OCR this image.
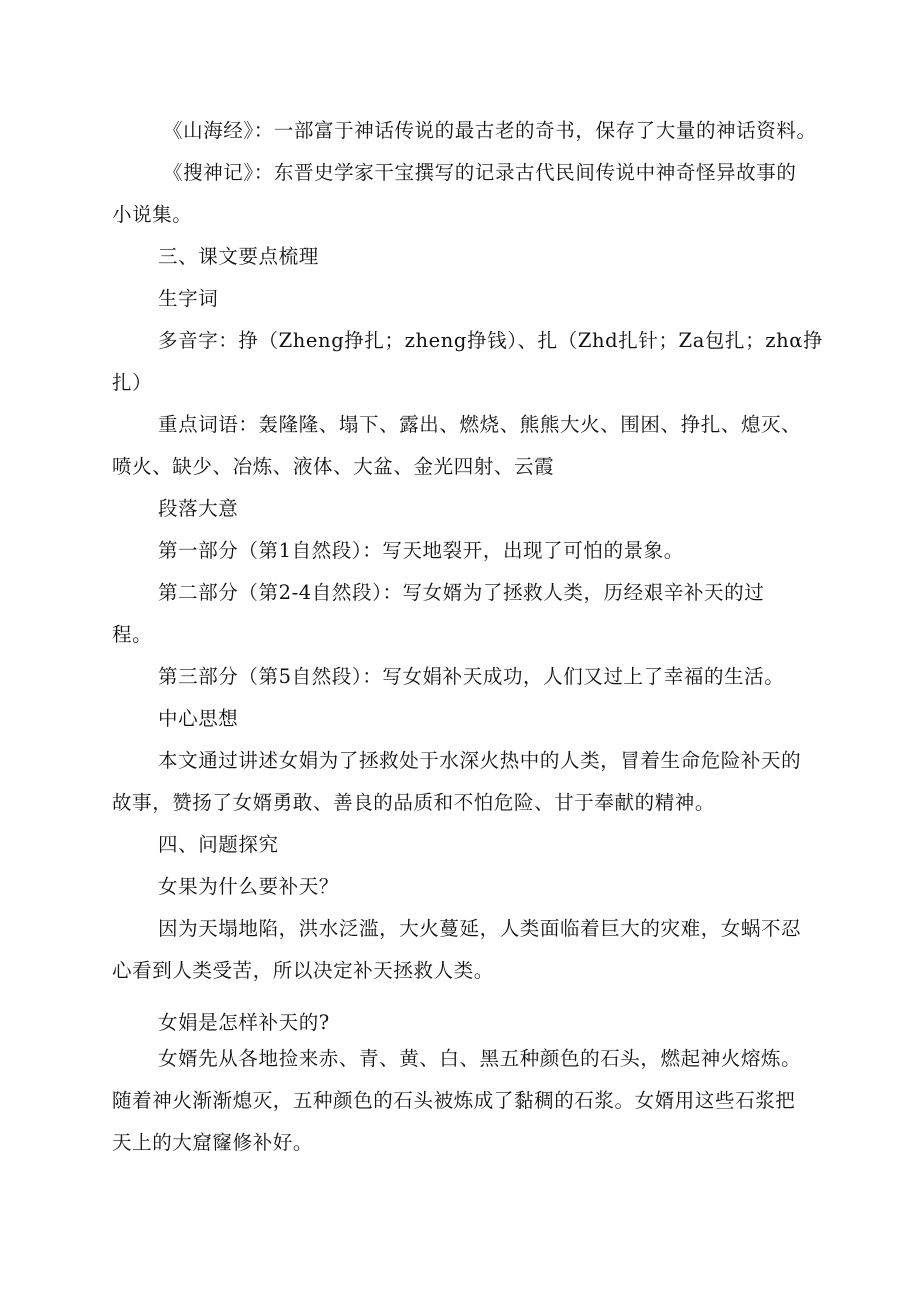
《山海经》：一部富于神话传说的最古老的奇书，保存了大量的神话资料。
《搜神记》：东晋史学家干宝撰写的记录古代民间传说中神奇怪异故事的
小说集。
三、课文要点梳理
生字词
多音字：挣（Zheng挣扎；zheng挣钱）、扎（Zhd扎针；Za包扎；zhα挣
扎）
重点词语：轰隆隆、塌下、露出、燃烧、熊熊大火、围困、挣扎、熄灭、
喷火、缺少、冶炼、液体、大盆、金光四射、云霞
段落大意
第一部分（第1自然段）：写天地裂开，出现了可怕的景象。
第二部分（第2-4自然段）：写女婿为了拯救人类，历经艰辛补天的过
程。
第三部分（第5自然段）：写女娟补天成功，人们又过上了幸福的生活。
中心思想
本文通过讲述女娟为了拯救处于水深火热中的人类，冒着生命危险补天的
故事，赞扬了女婿勇敢、善良的品质和不怕危险、甘于奉献的精神。
四、问题探究
女果为什么要补天？
因为天塌地陷，洪水泛滥，大火蔓延，人类面临着巨大的灾难，女蜗不忍
心看到人类受苦，所以决定补天拯救人类。
女娟是怎样补天的?
女婿先从各地捡来赤、青、黄、白、黑五种颜色的石头，燃起神火熔炼。
随着神火渐渐熄灭，五种颜色的石头被炼成了黏稠的石浆。女婿用这些石浆把
天上的大窟窿修补好。
